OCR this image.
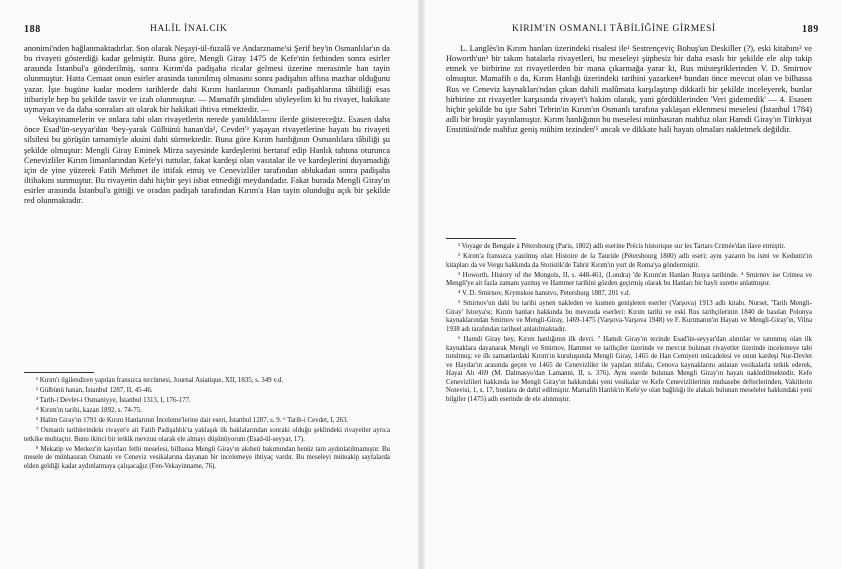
188	HALİL İNALCIK

anonimi'nden bağlanmaktadırlar. Son olarak Neşayi-ül-fuzalâ ve Andarzname'si Şerif bey'in Osmanlılar'ın da bu rivayeti gösterdiği kadar gelmiştir. Buna göre, Mengli Giray 1475 de Kefe'nin fethinden sonra esirler arasında İstanbul'a gönderilmiş, sonra Kırım'da padişaha ricalar gelmesi üzerine merasimle han tayin olunmuştur. Hatta Cemaat onun esirler arasında tanınılmış olmasını sonra padişahın affına mazhar olduğunu yazar. İşte bugüne kadar modern tarihlerde dahi Kırım hanlarının Osmanlı padişahlarına tâbiiliği esas itibariyle hep bu şekilde tasvir ve izah olunmuştur. — Mamafih şimdiden söyleyelim ki bu rivayet, hakikate uymayan ve da daha sonraları ait olarak bir hakikati ihtiva etmektedir. —

Vekayinamelerin ve onlara tabi olan rivayetlerin nerede yanıldıklarını ilerde göstereceğiz. Esasen daha önce Esad'ün-seyyar'dan ¹bey-yarak Gülbünü hanan'da², Cevdet'³ yaşayan rivayetlerine hayatı bu rivayeti silsilesi bu görüşün tamamiyle aksini dahi sürmektedir. Buna göre Kırım hanlığının Osmanlılara tâbiliği şu şekilde olmuştur: Mengli Giray Eminek Mirza sayesinde kardeşlerini bertaraf edip Hanlık tahtına oturunca Cenevizliler Kırım limanlarından Kefe'yi tuttular, fakat kardeşi olan vasıtalar ile ve kardeşlerini duyamadığı için de yine yüzerek Fatih Mehmet ile ittifak etmiş ve Cenevizliler tarafından ablukadan sonra padişaha iltihakını sunmuştur. Bu rivayetin dahi hiçbir şeyi isbat etmediği meydandadır. Fakat burada Mengli Giray'ın esirler arasında İstanbul'a gittiği ve oradan padişah tarafından Kırım'a Han tayin olunduğu açık bir şekilde red olunmaktadır.

¹ Kırım'ı ilgilendiren yapılan fransızca tercümesi, Journal Asiatique, XII, 1835, s. 349 v.d.

² Gülbünü hanan, İstanbul 1287, II, 45-46.

³ Tarih-i Devlet-i Osmaniyye, İstanbul 1313, I, 176-177.

⁴ Kırım'ın tarihi, kazan 1892, s. 74-75.

⁵ Halim Giray'ın 1791 de Kırım Hanlarının İnceleme'lerine dair eseri, İstanbul 1287, s. 9. ⁶ Tarih-i Cevdet, I, 263.

⁷ Osmanlı tarihlerindeki rivayet'e ait Fatih Padişahlık'ta yaklaşık ilk baklalarından sonraki olduğu şeklindeki rivayetler ayrıca tetkike muhtaçtır. Bunu ikinci bir tetkik mevzuu olarak ele almayı düşünüyorum (Esad-ül-seyyar, 17).

⁸ Mekatip ve Merkez'in kayıtları fethi meselesi, bilhassa Mengli Giray'ın akıbeti bakımından henüz tam aydınlatılmamıştır. Bu mesele de münhasıran Osmanlı ve Ceneviz vesikalarına dayanan bir incelemeye ihtiyaç vardır. Bu meseleyi müteakip sayfalarda elden geldiği kadar aydınlatmaya çalışacağız (Fen-Vekayinname, 76).

KIRIM'IN OSMANLI TÂBİLİĞİNE GİRMESİ	189

L. Langlès'in Kırım hanları üzerindeki risalesi ile¹ Sestrençeviç Bohuş'un Deskiller (?), eski kitabını² ve Howorth'un³ bir takım hatalarla rivayetleri, bu meseleyi şüphesiz bir daha esaslı bir şekilde ele alıp takip etmek ve birbirine zıt rivayetlerden bir mana çıkarmağa yarar ki, Rus müsteşriklerinden V. D. Smirnov olmuştur. Mamafih o da, Kırım Hanlığı üzerindeki tarihini yazarken⁴ bundan önce mevcut olan ve bilhassa Rus ve Ceneviz kaynakları'ndan çıkan dahili malûmata karşılaştırıp dikkatli bir şekilde inceleyerek, bunlar birbirine zıt rivayetler karşısında rivayet'i hakim olarak, yani gördüklerinden 'Veri gidemedik' — 4. Esasen hiçbir şekilde bu işte Sabri Tebrin'in Kırım'ın Osmanlı tarafına yaklaşan eklenmesi meselesi (İstanbul 1784) adlı bir broşür yayınlamıştır. Kırım hanlığının bu meselesi münhasıran mahfuz olan Hamdi Giray'ın Türkiyat Enstitüsü'nde mahfuz geniş mühim tezinden'⁵ ancak ve dikkate hali hayatı olmaları nakletmek değildir.

¹ Voyage de Bengale à Pétersbourg (Paris, 1802) adlı eserine Précis historique sur les Tartars Crimée'dan ilave etmiştir.

² Kırım'a fransızca yazılmış olan Histoire de la Tauride (Pétersbourg 1800) adlı eseri; aynı yazarın bu ismi ve Keduntz'ın kitapları da ve Vergu hakkında da Stotistik'de Tahrir Kırım'ın yurt de Roma'ya göndermiştir.

³ Howorth, History of the Mongols, II, s. 448-461, (Londra) 'de Kırım'ın Hanları Rusya tarihinde. ⁴ Smirnov ise Crimea ve Mengli'ye ait fazla zamanı yazmış ve Hammer tarihini gözden geçirmiş olarak bu Hanları bir hayli surette anlatmıştır.

⁴ V. D. Smirnov, Krymskoe hanstvo, Petersburg 1887, 201 v.d.

⁵ Smirnov'un dahi bu tarihi aynen nakleden ve kısmen genişleten eserler (Varşova) 1913 adlı kitabı. Nurset, 'Tarih Mengli-Giray' Istorya'sı; Kırım hanları hakkında bu mevzuda eserleri: Kırım tarihi ve eski Rus tarihçilerinin 1840 de basılan Polonya kaynaklarından Smirnov ve Mengli-Giray, 1469-1475 (Varşova-Varşova 1948) ve F. Kurtmanın'ın Hayatı ve Mengli-Giray'ın, Vilna 1938 adı tarafından tarihsel anlatılmaktadır.

⁶ Hamdi Giray bey, Kırım hanlığının ilk devri. ⁷ Hamdi Giray'ın tezinde Esad'ün-seyyar'dan alıntılar ve tanınmış olan ilk kaynaklara dayanarak Mengli ve Smirnov, Hammer ve tarihçiler üzerinde ve mevcut bulunan rivayetler üzerinde incelemeye tabi tutulmuş; ve ilk zamanlardaki Kırım'ın kuruluşunda Mengli Giray, 1465 de Han Cemiyeti mücadelesi ve onun kardeşi Nur-Devlet ve Haydar'ın arasında geçen ve 1465 de Cenevizliler ile yapılan ittifakı, Cenova kaynaklarını anlatan vesikalarla tetkik ederek, Hayat Alı 469 (M. Dalmasyo'dan Lamanni, II, s. 376). Aynı eserde bulunan Mengli Giray'ın hayatı nakledilmektedir. Kefe Cenevizlileri hakkında ise Mengli Giray'ın hakkındaki yeni vesikalar ve Kefe Cenevizlilerinin muhasebe defterlerinden, Vakitlerin Notevisi, 1, s. 17, bunlara de dahil edilmiştir. Mamafih Hanlık'ın Kefe'ye olan bağlılığı ile alakalı bulunan meseleler hakkındaki yeni bilgiler (1475) adlı eserinde de ele alınmıştır.
